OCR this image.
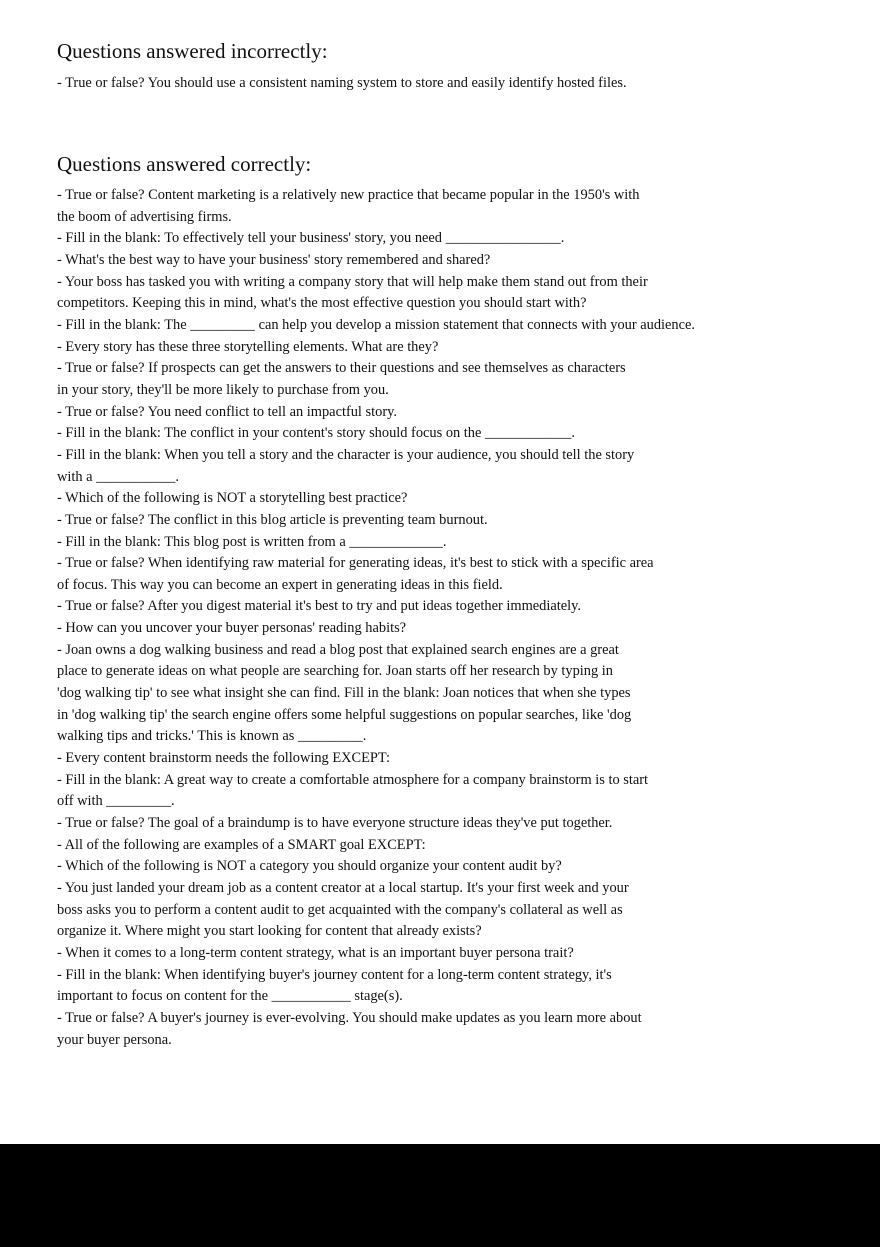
Questions answered incorrectly:
- True or false? You should use a consistent naming system to store and easily identify hosted files.
Questions answered correctly:
- True or false? Content marketing is a relatively new practice that became popular in the 1950's with
the boom of advertising firms.
- Fill in the blank: To effectively tell your business' story, you need ________________.
- What's the best way to have your business' story remembered and shared?
- Your boss has tasked you with writing a company story that will help make them stand out from their
competitors. Keeping this in mind, what's the most effective question you should start with?
- Fill in the blank: The _________ can help you develop a mission statement that connects with your audience.
- Every story has these three storytelling elements. What are they?
- True or false? If prospects can get the answers to their questions and see themselves as characters
in your story, they'll be more likely to purchase from you.
- True or false? You need conflict to tell an impactful story.
- Fill in the blank: The conflict in your content's story should focus on the ____________.
- Fill in the blank: When you tell a story and the character is your audience, you should tell the story
with a ___________.
- Which of the following is NOT a storytelling best practice?
- True or false? The conflict in this blog article is preventing team burnout.
- Fill in the blank: This blog post is written from a _____________.
- True or false? When identifying raw material for generating ideas, it's best to stick with a specific area
of focus. This way you can become an expert in generating ideas in this field.
- True or false? After you digest material it's best to try and put ideas together immediately.
- How can you uncover your buyer personas' reading habits?
- Joan owns a dog walking business and read a blog post that explained search engines are a great
place to generate ideas on what people are searching for. Joan starts off her research by typing in
'dog walking tip' to see what insight she can find. Fill in the blank: Joan notices that when she types
in 'dog walking tip' the search engine offers some helpful suggestions on popular searches, like 'dog
walking tips and tricks.' This is known as _________.
- Every content brainstorm needs the following EXCEPT:
- Fill in the blank: A great way to create a comfortable atmosphere for a company brainstorm is to start
off with _________.
- True or false? The goal of a braindump is to have everyone structure ideas they've put together.
- All of the following are examples of a SMART goal EXCEPT:
- Which of the following is NOT a category you should organize your content audit by?
- You just landed your dream job as a content creator at a local startup. It's your first week and your
boss asks you to perform a content audit to get acquainted with the company's collateral as well as
organize it. Where might you start looking for content that already exists?
- When it comes to a long-term content strategy, what is an important buyer persona trait?
- Fill in the blank: When identifying buyer's journey content for a long-term content strategy, it's
important to focus on content for the ___________ stage(s).
- True or false? A buyer's journey is ever-evolving. You should make updates as you learn more about
your buyer persona.
